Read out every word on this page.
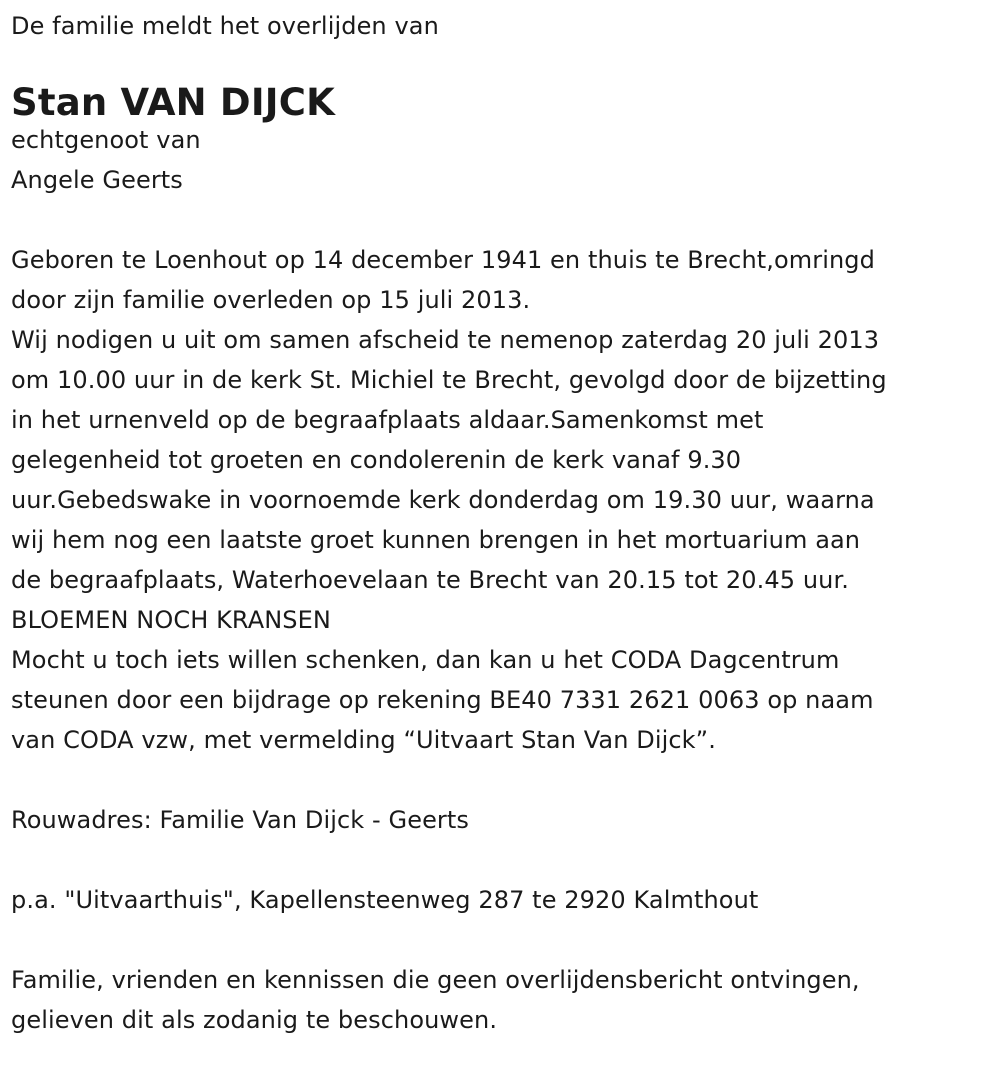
De familie meldt het overlijden van

Stan VAN DIJCK

echtgenoot van

Angele Geerts

Geboren te Loenhout op 14 december 1941 en thuis te Brecht,omringd

door zijn familie overleden op 15 juli 2013.

Wij nodigen u uit om samen afscheid te nemenop zaterdag 20 juli 2013

om 10.00 uur in de kerk St. Michiel te Brecht, gevolgd door de bijzetting

in het urnenveld op de begraafplaats aldaar.Samenkomst met

gelegenheid tot groeten en condolerenin de kerk vanaf 9.30

uur.Gebedswake in voornoemde kerk donderdag om 19.30 uur, waarna

wij hem nog een laatste groet kunnen brengen in het mortuarium aan

de begraafplaats, Waterhoevelaan te Brecht van 20.15 tot 20.45 uur.

BLOEMEN NOCH KRANSEN

Mocht u toch iets willen schenken, dan kan u het CODA Dagcentrum

steunen door een bijdrage op rekening BE40 7331 2621 0063 op naam

van CODA vzw, met vermelding “Uitvaart Stan Van Dijck”.

Rouwadres: Familie Van Dijck - Geerts

p.a. "Uitvaarthuis", Kapellensteenweg 287 te 2920 Kalmthout

Familie, vrienden en kennissen die geen overlijdensbericht ontvingen,

gelieven dit als zodanig te beschouwen.
